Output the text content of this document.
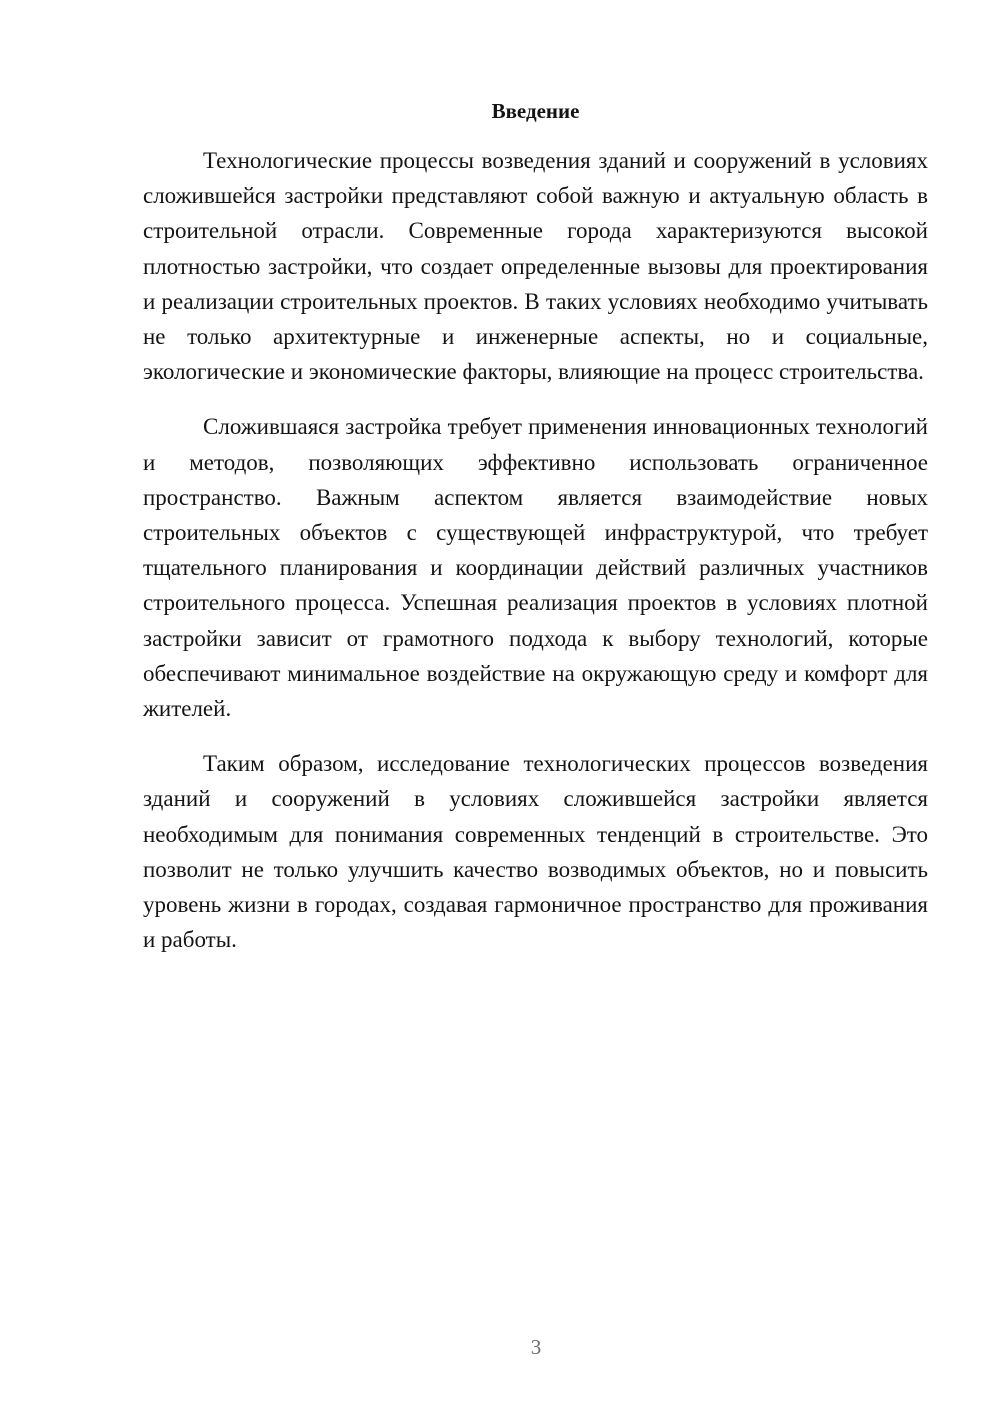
Введение

Технологические процессы возведения зданий и сооружений в условиях сложившейся застройки представляют собой важную и актуальную область в строительной отрасли. Современные города характеризуются высокой плотностью застройки, что создает определенные вызовы для проектирования и реализации строительных проектов. В таких условиях необходимо учитывать не только архитектурные и инженерные аспекты, но и социальные, экологические и экономические факторы, влияющие на процесс строительства.

Сложившаяся застройка требует применения инновационных технологий и методов, позволяющих эффективно использовать ограниченное пространство. Важным аспектом является взаимодействие новых строительных объектов с существующей инфраструктурой, что требует тщательного планирования и координации действий различных участников строительного процесса. Успешная реализация проектов в условиях плотной застройки зависит от грамотного подхода к выбору технологий, которые обеспечивают минимальное воздействие на окружающую среду и комфорт для жителей.

Таким образом, исследование технологических процессов возведения зданий и сооружений в условиях сложившейся застройки является необходимым для понимания современных тенденций в строительстве. Это позволит не только улучшить качество возводимых объектов, но и повысить уровень жизни в городах, создавая гармоничное пространство для проживания и работы.

3
